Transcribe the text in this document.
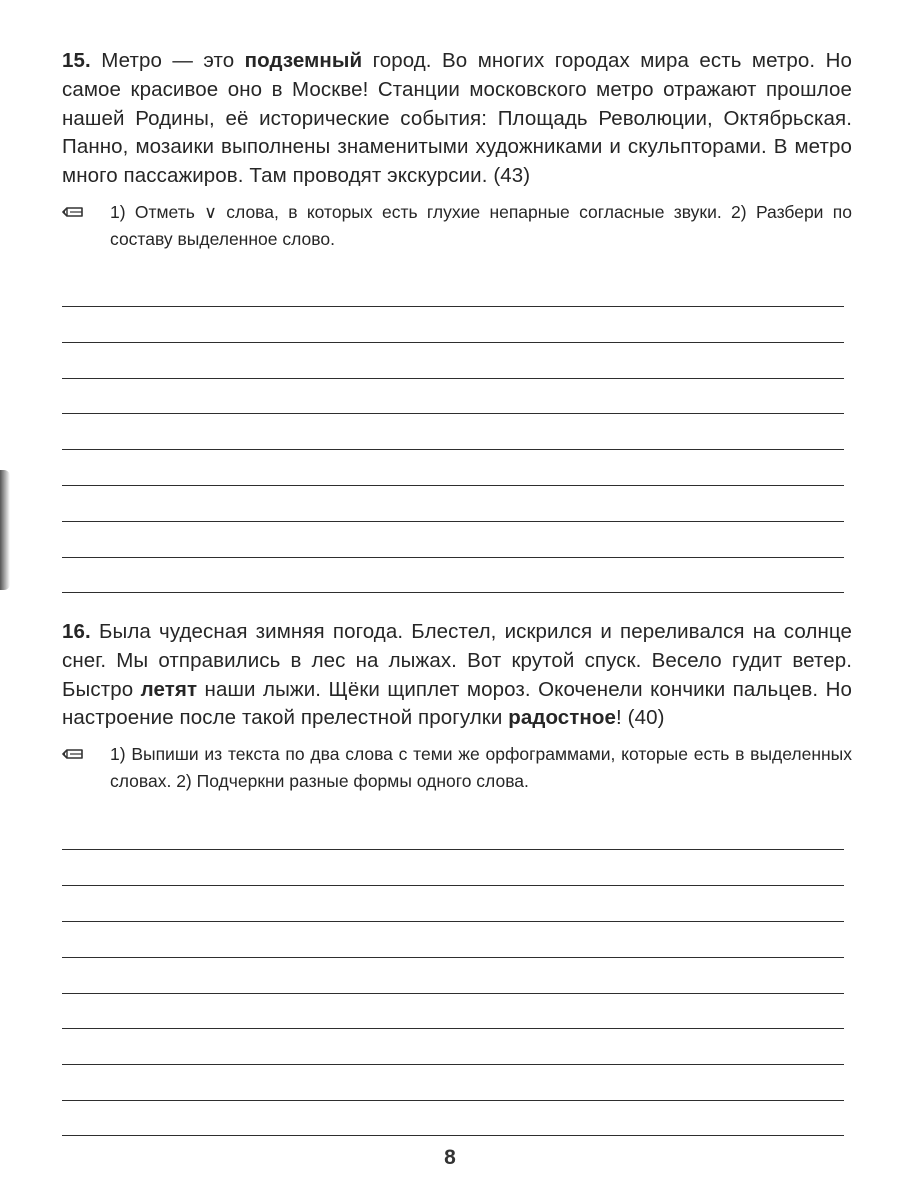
15. Метро — это подземный город. Во многих городах мира есть метро. Но самое красивое оно в Москве! Станции московского метро отражают прошлое нашей Родины, её исторические события: Площадь Революции, Октябрьская. Панно, мозаики выполнены знаменитыми художниками и скульпторами. В метро много пассажиров. Там проводят экскурсии. (43)
1) Отметь ∨ слова, в которых есть глухие непарные согласные звуки. 2) Разбери по составу выделенное слово.
16. Была чудесная зимняя погода. Блестел, искрился и переливался на солнце снег. Мы отправились в лес на лыжах. Вот крутой спуск. Весело гудит ветер. Быстро летят наши лыжи. Щёки щиплет мороз. Окоченели кончики пальцев. Но настроение после такой прелестной прогулки радостное! (40)
1) Выпиши из текста по два слова с теми же орфограммами, которые есть в выделенных словах. 2) Подчеркни разные формы одного слова.
8
